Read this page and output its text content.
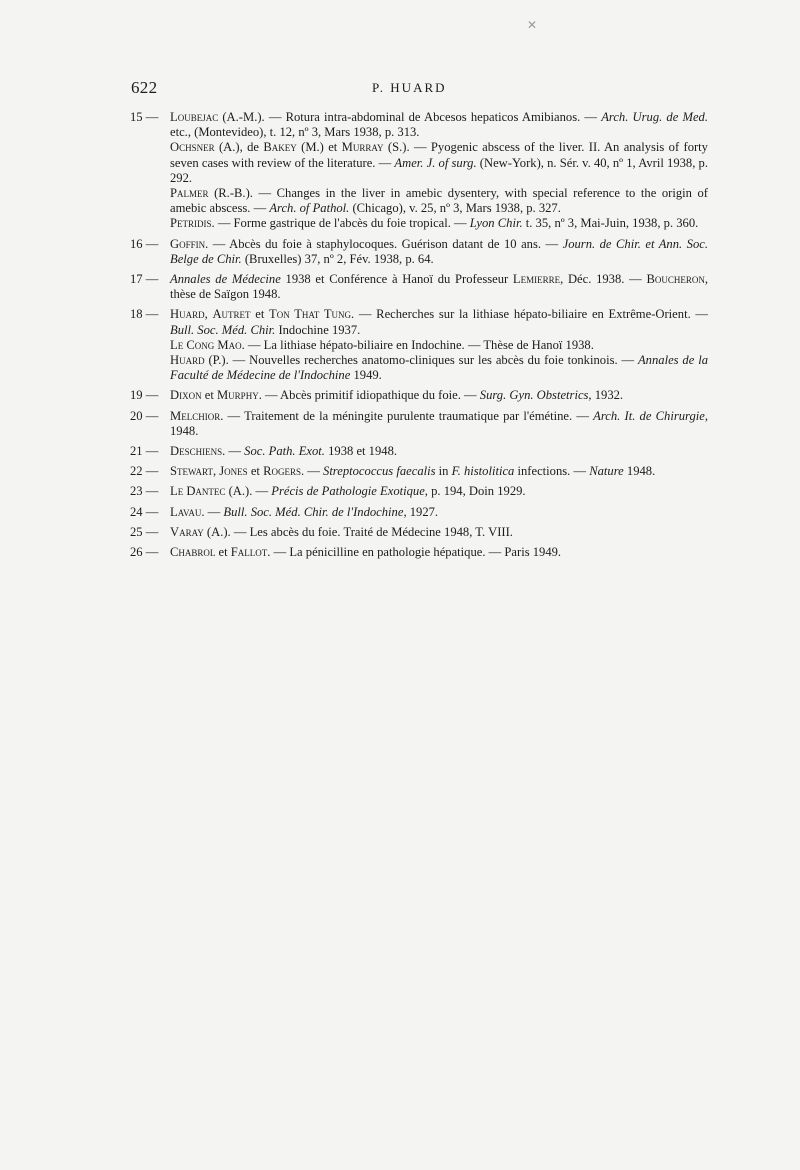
622	P. HUARD
15 — Loubejac (A.-M.). — Rotura intra-abdominal de Abcesos hepaticos Amibianos. — Arch. Urug. de Med. etc., (Montevideo), t. 12, nº 3, Mars 1938, p. 313.
Ochsner (A.), de Bakey (M.) et Murray (S.). — Pyogenic abscess of the liver. II. An analysis of forty seven cases with review of the literature. — Amer. J. of surg. (New-York), n. Sér. v. 40, nº 1, Avril 1938, p. 292.
Palmer (R.-B.). — Changes in the liver in amebic dysentery, with special reference to the origin of amebic abscess. — Arch. of Pathol. (Chicago), v. 25, nº 3, Mars 1938, p. 327.
Petridis. — Forme gastrique de l'abcès du foie tropical. — Lyon Chir. t. 35, nº 3, Mai-Juin, 1938, p. 360.
16 — Goffin. — Abcès du foie à staphylocoques. Guérison datant de 10 ans. — Journ. de Chir. et Ann. Soc. Belge de Chir. (Bruxelles) 37, nº 2, Fév. 1938, p. 64.
17 — Annales de Médecine 1938 et Conférence à Hanoï du Professeur Lemierre, Déc. 1938. — Boucheron, thèse de Saïgon 1948.
18 — Huard, Autret et Ton That Tung. — Recherches sur la lithiase hépato-biliaire en Extrême-Orient. — Bull. Soc. Méd. Chir. Indochine 1937.
Le Cong Mao. — La lithiase hépato-biliaire en Indochine. — Thèse de Hanoï 1938.
Huard (P.). — Nouvelles recherches anatomo-cliniques sur les abcès du foie tonkinois. — Annales de la Faculté de Médecine de l'Indochine 1949.
19 — Dixon et Murphy. — Abcès primitif idiopathique du foie. — Surg. Gyn. Obstetrics, 1932.
20 — Melchior. — Traitement de la méningite purulente traumatique par l'émétine. — Arch. It. de Chirurgie, 1948.
21 — Deschiens. — Soc. Path. Exot. 1938 et 1948.
22 — Stewart, Jones et Rogers. — Streptococcus faecalis in F. histolitica infections. — Nature 1948.
23 — Le Dantec (A.). — Précis de Pathologie Exotique, p. 194, Doin 1929.
24 — Lavau. — Bull. Soc. Méd. Chir. de l'Indochine, 1927.
25 — Varay (A.). — Les abcès du foie. Traité de Médecine 1948, T. VIII.
26 — Chabrol et Fallot. — La pénicilline en pathologie hépatique. — Paris 1949.
✕
